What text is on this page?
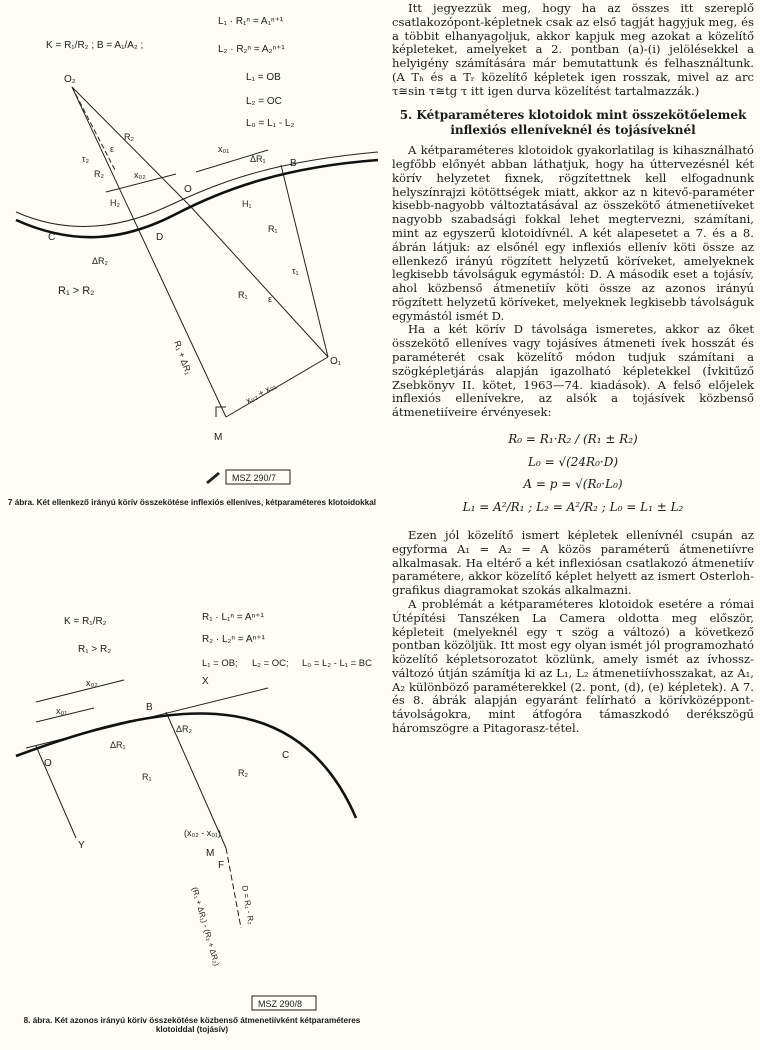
K = R₁/R₂ ; B = A₁/A₂ ;
L₁ · R₁ⁿ = A₁ⁿ⁺¹
L₂ · R₂ⁿ = A₂ⁿ⁺¹
L₁ = OB
L₂ = OC
L₀ = L₁ - L₂
O₂
C	D
O
B
M
O₁
R₂
τ₂
ε
R₂	x₀₂
x₀₁
ΔR₁
H₂	H₁
ΔR₂
R₁
τ₁
R₁ ε
R₁ + ΔR₁
x₀₂ + x₀₁
R₁ > R₂
MSZ 290/7

7 ábra. Két ellenkező irányú körív összekötése inflexiós elleníves, kétparaméteres klotoidokkal

K = R₁/R₂
R₁ > R₂
R₁ · L₁ⁿ = Aⁿ⁺¹
R₂ · L₂ⁿ = Aⁿ⁺¹
L₁ = OB; L₂ = OC; L₀ = L₂ - L₁ = BC
O
B
C
M
F
X
Y
x₀₂
x₀₁
ΔR₁
ΔR₂
R₁	R₂
(x₀₂ - x₀₁)
(R₁ + ΔR₁) - (R₂ + ΔR₂) D = R₁ - R₂
MSZ 290/8

8. ábra. Két azonos irányú körív összekötése közbenső átmenetiívként kétparaméteres klotoiddal (tojásív)

Itt jegyezzük meg, hogy ha az összes itt szereplő csatlakozópont-képletnek csak az első tagját hagyjuk meg, és a többit elhanyagoljuk, akkor kapjuk meg azokat a közelítő képleteket, amelyeket a 2. pontban (a)-(i) jelölésekkel a helyigény számítására már bemutattunk és felhasználtunk. (A Tₕ és a Tᵣ közelítő képletek igen rosszak, mivel az arc τ≅sin τ≅tg τ itt igen durva közelítést tartalmazzák.)

5. Kétparaméteres klotoidok mint összekötőelemek inflexiós elleníveknél és tojásíveknél

A kétparaméteres klotoidok gyakorlatilag is kihasználható legfőbb előnyét abban láthatjuk, hogy ha úttervezésnél két körív helyzetet fixnek, rögzítettnek kell elfogadnunk helyszínrajzi kötöttségek miatt, akkor az n kitevő-paraméter kisebb-nagyobb változtatásával az összekötő átmenetiíveket nagyobb szabadsági fokkal lehet megtervezni, számítani, mint az egyszerű klotoidívnél. A két alapesetet a 7. és a 8. ábrán látjuk: az elsőnél egy inflexiós ellenív köti össze az ellenkező irányú rögzített helyzetű köríveket, amelyeknek legkisebb távolságuk egymástól: D. A második eset a tojásív, ahol közbenső átmenetiív köti össze az azonos irányú rögzített helyzetű köríveket, melyeknek legkisebb távolságuk egymástól ismét D.

Ha a két körív D távolsága ismeretes, akkor az őket összekötő elleníves vagy tojásíves átmeneti ívek hosszát és paraméterét csak közelítő módon tudjuk számítani a szögképletjárás alapján igazolható képletekkel (Ívkitűző Zsebkönyv II. kötet, 1963—74. kiadások). A felső előjelek inflexiós ellenívekre, az alsók a tojásívek közbenső átmenetiíveire érvényesek:

R₀ = R₁·R₂ / (R₁ ± R₂)
L₀ = √(24R₀·D)
A = p = √(R₀·L₀)
L₁ = A²/R₁ ; L₂ = A²/R₂ ; L₀ = L₁ ± L₂

Ezen jól közelítő ismert képletek ellenívnél csupán az egyforma A₁ = A₂ = A közös paraméterű átmenetiívre alkalmasak. Ha eltérő a két inflexiósan csatlakozó átmenetiív paramétere, akkor közelítő képlet helyett az ismert Osterloh-grafikus diagramokat szokás alkalmazni.

A problémát a kétparaméteres klotoidok esetére a római Útépítési Tanszéken La Camera oldotta meg először, képleteit (melyeknél egy τ szög a változó) a következő pontban közöljük. Itt most egy olyan ismét jól programozható közelítő képletsorozatot közlünk, amely ismét az ívhossz-változó útján számítja ki az L₁, L₂ átmenetiívhosszakat, az A₁, A₂ különböző paraméterekkel (2. pont, (d), (e) képletek). A 7. és 8. ábrák alapján egyaránt felírható a körívközéppont-távolságokra, mint átfogóra támaszkodó derékszögű háromszögre a Pitagorasz-tétel.
